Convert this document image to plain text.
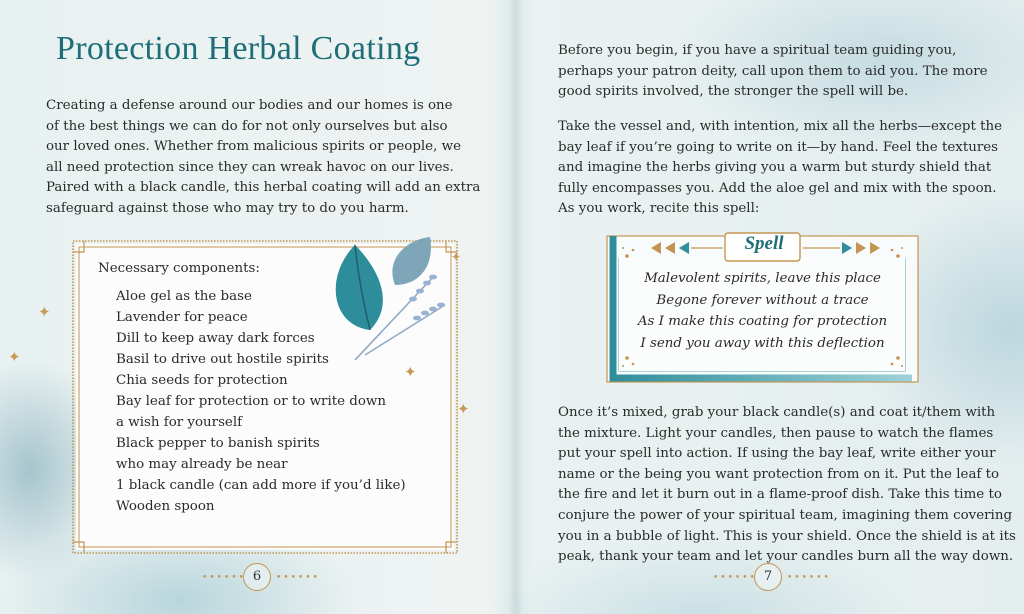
Protection Herbal Coating
Creating a defense around our bodies and our homes is one
of the best things we can do for not only ourselves but also
our loved ones. Whether from malicious spirits or people, we
all need protection since they can wreak havoc on our lives.
Paired with a black candle, this herbal coating will add an extra
safeguard against those who may try to do you harm.
Necessary components:
Aloe gel as the base
Lavender for peace
Dill to keep away dark forces
Basil to drive out hostile spirits
Chia seeds for protection
Bay leaf for protection or to write down
a wish for yourself
Black pepper to banish spirits
who may already be near
1 black candle (can add more if you’d like)
Wooden spoon
✦
✦
✦
✦
✦
•••••• 6	••••••
Before you begin, if you have a spiritual team guiding you,
perhaps your patron deity, call upon them to aid you. The more
good spirits involved, the stronger the spell will be.
Take the vessel and, with intention, mix all the herbs—except the
bay leaf if you’re going to write on it—by hand. Feel the textures
and imagine the herbs giving you a warm but sturdy shield that
fully encompasses you. Add the aloe gel and mix with the spoon.
As you work, recite this spell:
Spell
Malevolent spirits, leave this place
Begone forever without a trace
As I make this coating for protection
I send you away with this deflection
Once it’s mixed, grab your black candle(s) and coat it/them with
the mixture. Light your candles, then pause to watch the flames
put your spell into action. If using the bay leaf, write either your
name or the being you want protection from on it. Put the leaf to
the fire and let it burn out in a flame-proof dish. Take this time to
conjure the power of your spiritual team, imagining them covering
you in a bubble of light. This is your shield. Once the shield is at its
peak, thank your team and let your candles burn all the way down.
•••••• 7	••••••
